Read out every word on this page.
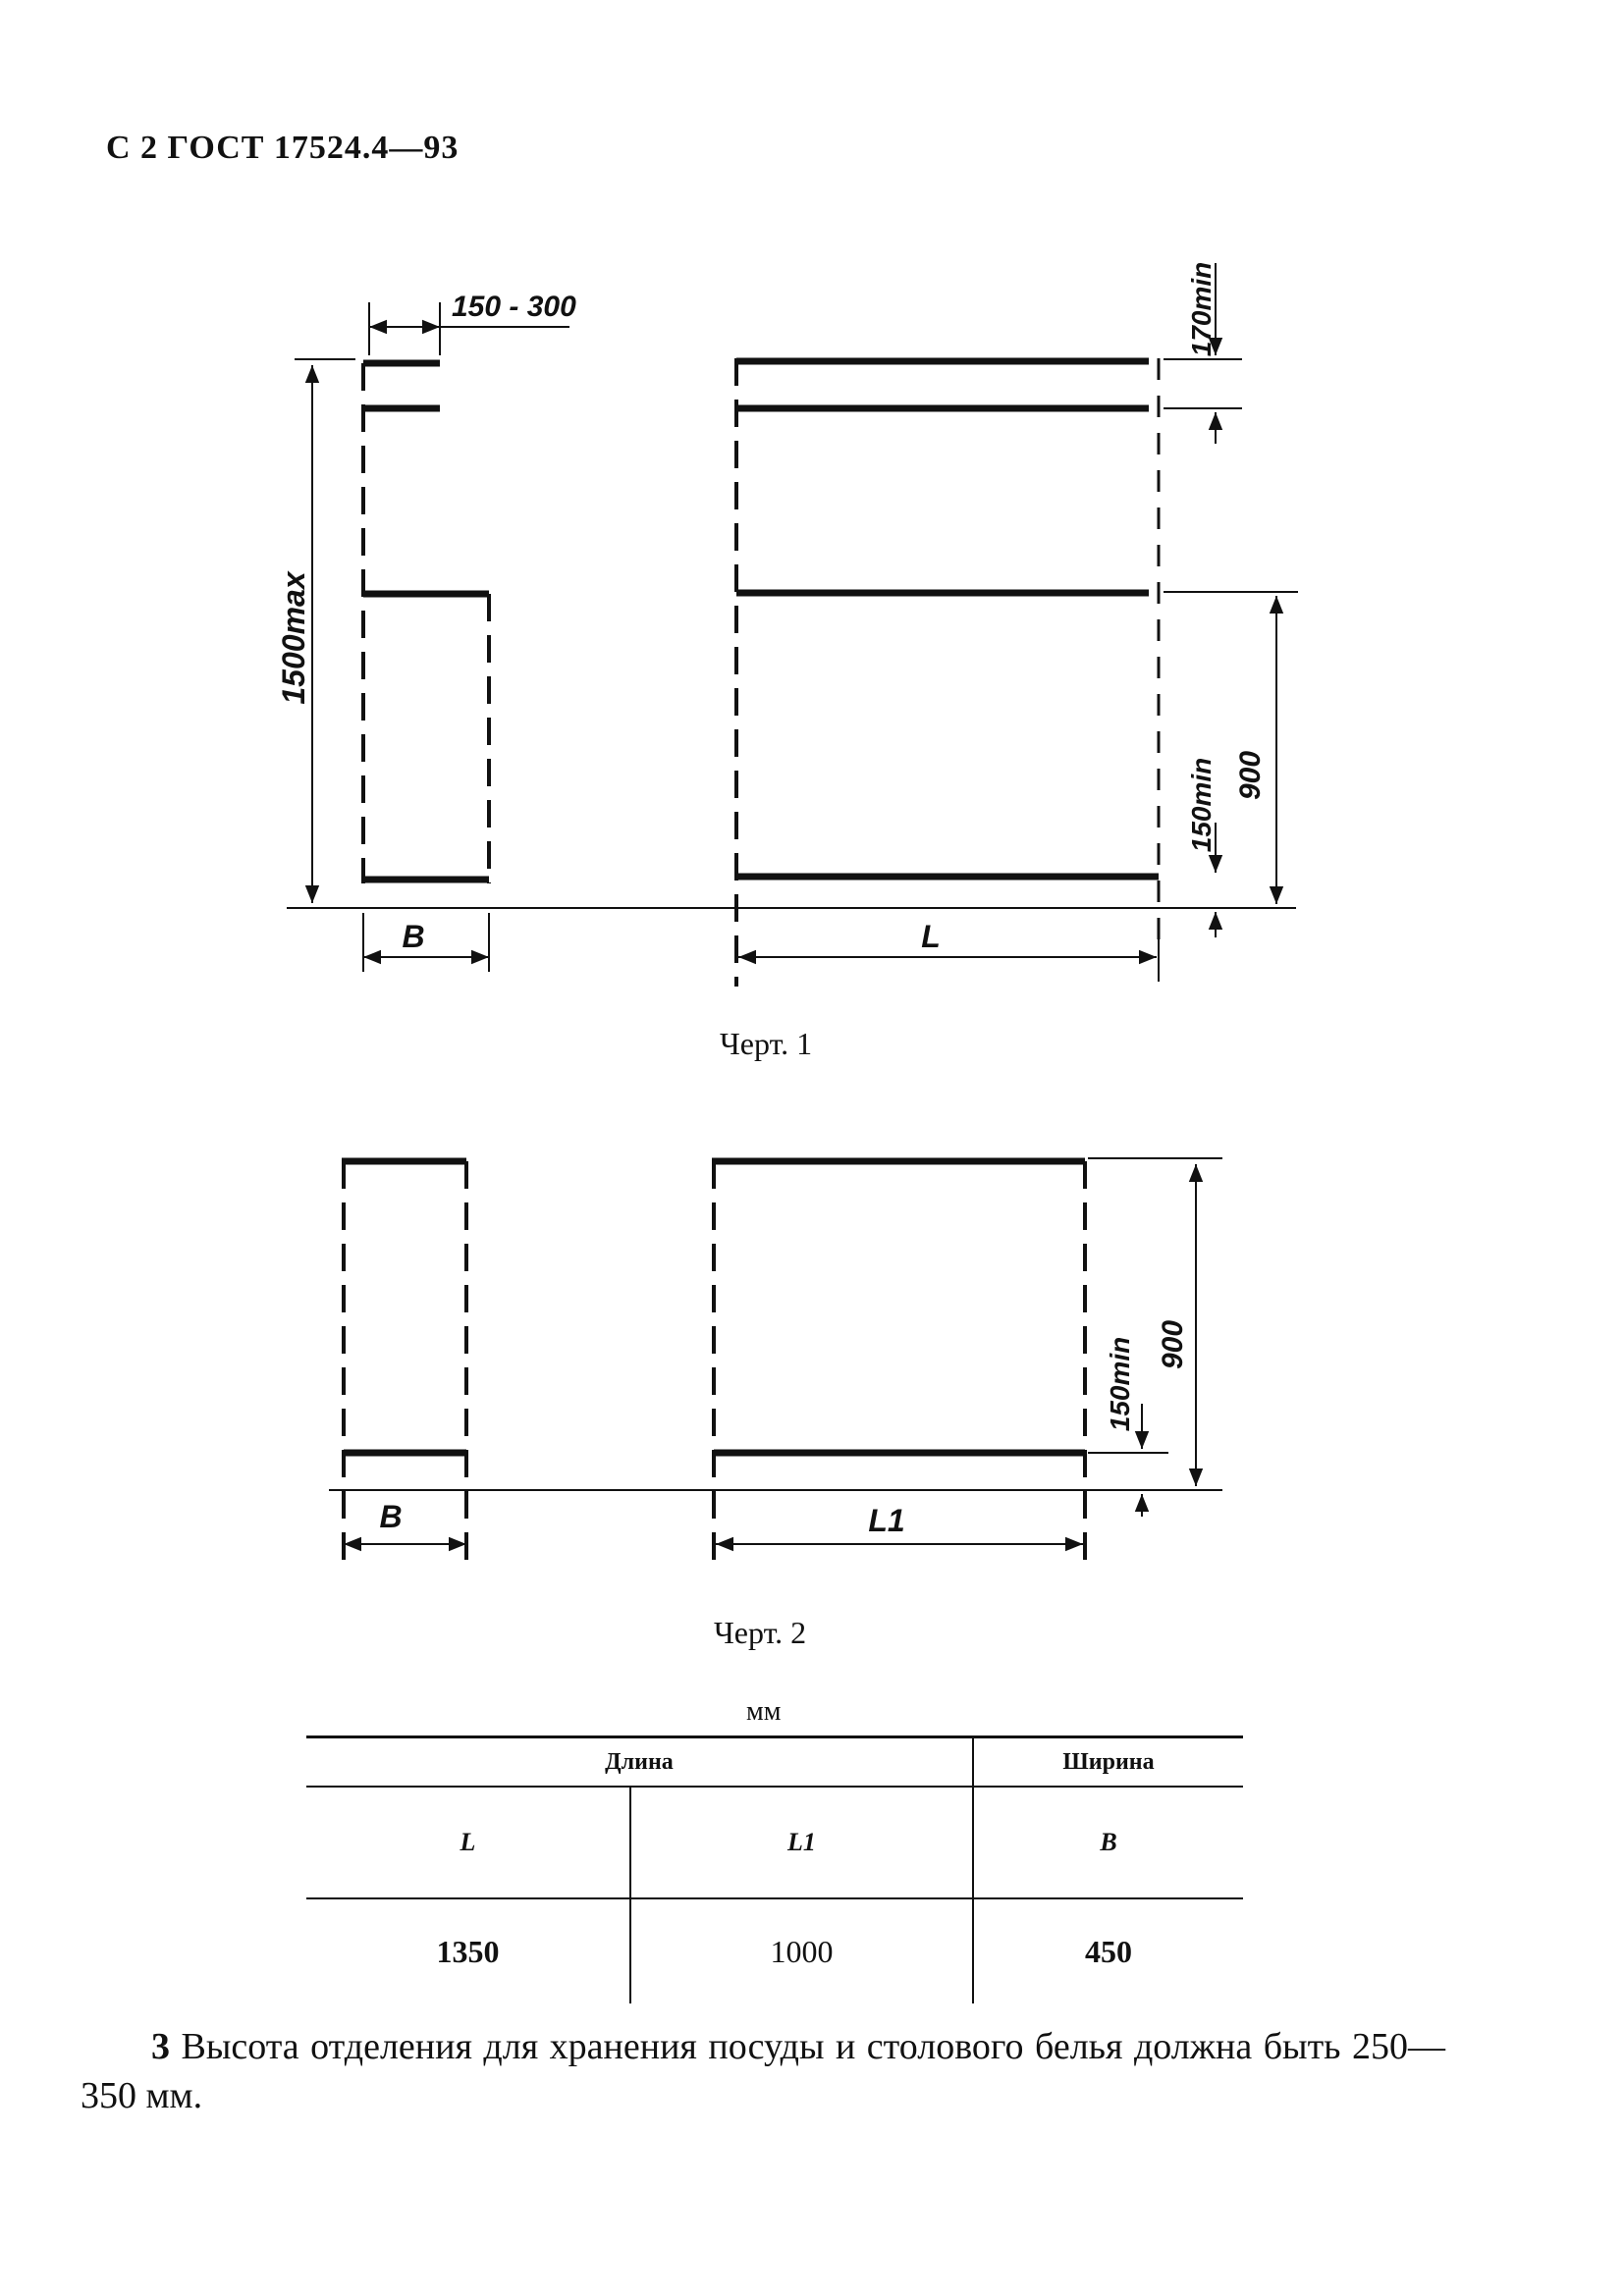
С 2 ГОСТ 17524.4—93
150 - 300
1500max
170min
150min 900
B	L
B	L1
150min 900
Черт. 1
Черт. 2
мм
Длина		Ширина
L	L1	B
1350	1000	450
3 Высота отделения для хранения посуды и столового белья должна быть 250—350 мм.
